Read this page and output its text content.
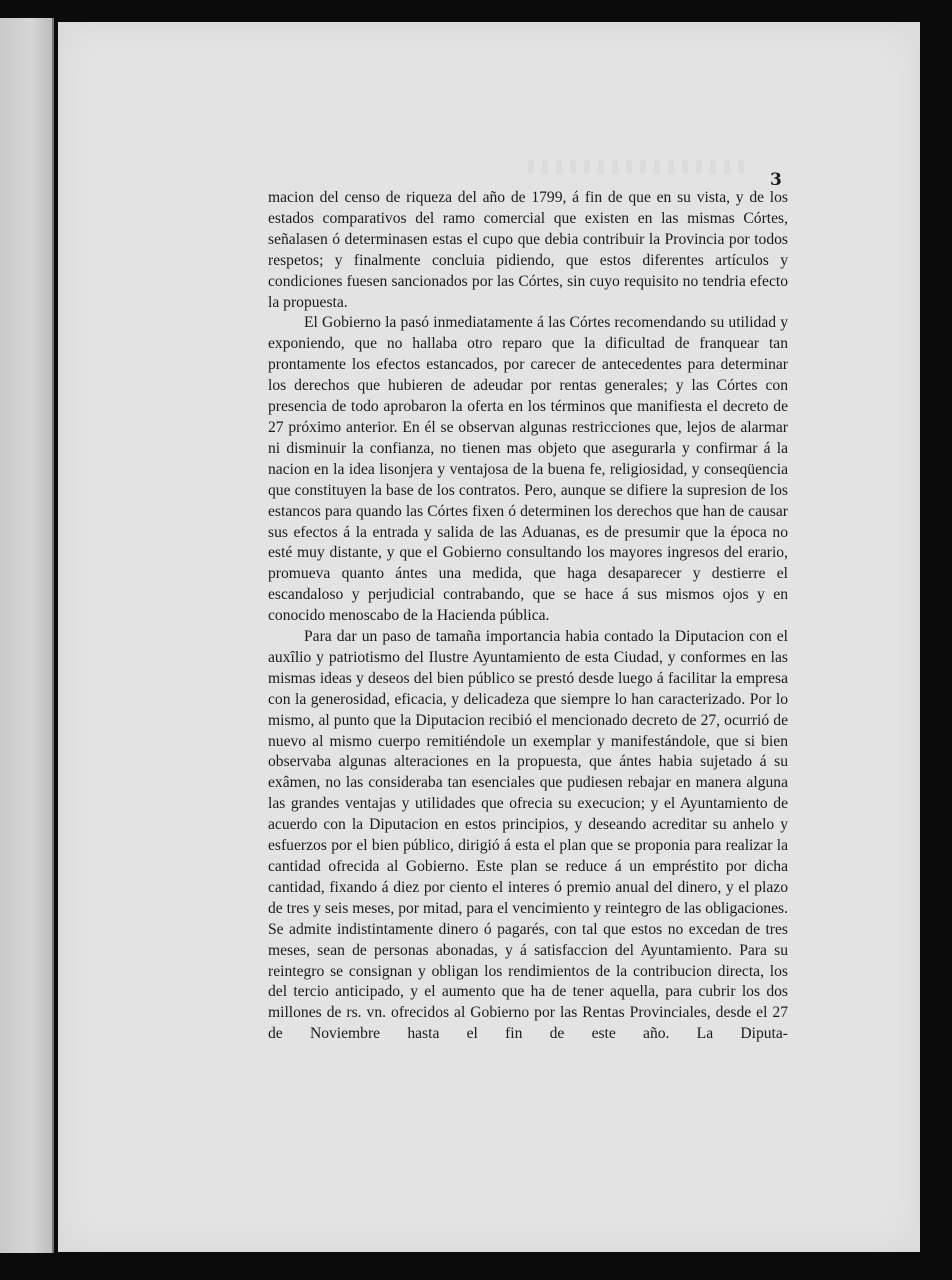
3

macion del censo de riqueza del año de 1799, á fin de que en su vista, y de los estados comparativos del ramo comercial que existen en las mismas Córtes, señalasen ó determinasen estas el cupo que debia contribuir la Provincia por todos respetos; y finalmente concluia pidiendo, que estos diferentes artículos y condiciones fuesen sancionados por las Córtes, sin cuyo requisito no tendria efecto la propuesta.

El Gobierno la pasó inmediatamente á las Córtes recomendando su utilidad y exponiendo, que no hallaba otro reparo que la dificultad de franquear tan prontamente los efectos estancados, por carecer de antecedentes para determinar los derechos que hubieren de adeudar por rentas generales; y las Córtes con presencia de todo aprobaron la oferta en los términos que manifiesta el decreto de 27 próximo anterior. En él se observan algunas restricciones que, lejos de alarmar ni disminuir la confianza, no tienen mas objeto que asegurarla y confirmar á la nacion en la idea lisonjera y ventajosa de la buena fe, religiosidad, y conseqüencia que constituyen la base de los contratos. Pero, aunque se difiere la supresion de los estancos para quando las Córtes fixen ó determinen los derechos que han de causar sus efectos á la entrada y salida de las Aduanas, es de presumir que la época no esté muy distante, y que el Gobierno consultando los mayores ingresos del erario, promueva quanto ántes una medida, que haga desaparecer y destierre el escandaloso y perjudicial contrabando, que se hace á sus mismos ojos y en conocido menoscabo de la Hacienda pública.

Para dar un paso de tamaña importancia habia contado la Diputacion con el auxîlio y patriotismo del Ilustre Ayuntamiento de esta Ciudad, y conformes en las mismas ideas y deseos del bien público se prestó desde luego á facilitar la empresa con la generosidad, eficacia, y delicadeza que siempre lo han caracterizado. Por lo mismo, al punto que la Diputacion recibió el mencionado decreto de 27, ocurrió de nuevo al mismo cuerpo remitiéndole un exemplar y manifestándole, que si bien observaba algunas alteraciones en la propuesta, que ántes habia sujetado á su exâmen, no las consideraba tan esenciales que pudiesen rebajar en manera alguna las grandes ventajas y utilidades que ofrecia su execucion; y el Ayuntamiento de acuerdo con la Diputacion en estos principios, y deseando acreditar su anhelo y esfuerzos por el bien público, dirigió á esta el plan que se proponia para realizar la cantidad ofrecida al Gobierno. Este plan se reduce á un empréstito por dicha cantidad, fixando á diez por ciento el interes ó premio anual del dinero, y el plazo de tres y seis meses, por mitad, para el vencimiento y reintegro de las obligaciones. Se admite indistintamente dinero ó pagarés, con tal que estos no excedan de tres meses, sean de personas abonadas, y á satisfaccion del Ayuntamiento. Para su reintegro se consignan y obligan los rendimientos de la contribucion directa, los del tercio anticipado, y el aumento que ha de tener aquella, para cubrir los dos millones de rs. vn. ofrecidos al Gobierno por las Rentas Provinciales, desde el 27 de Noviembre hasta el fin de este año. La Diputa-
